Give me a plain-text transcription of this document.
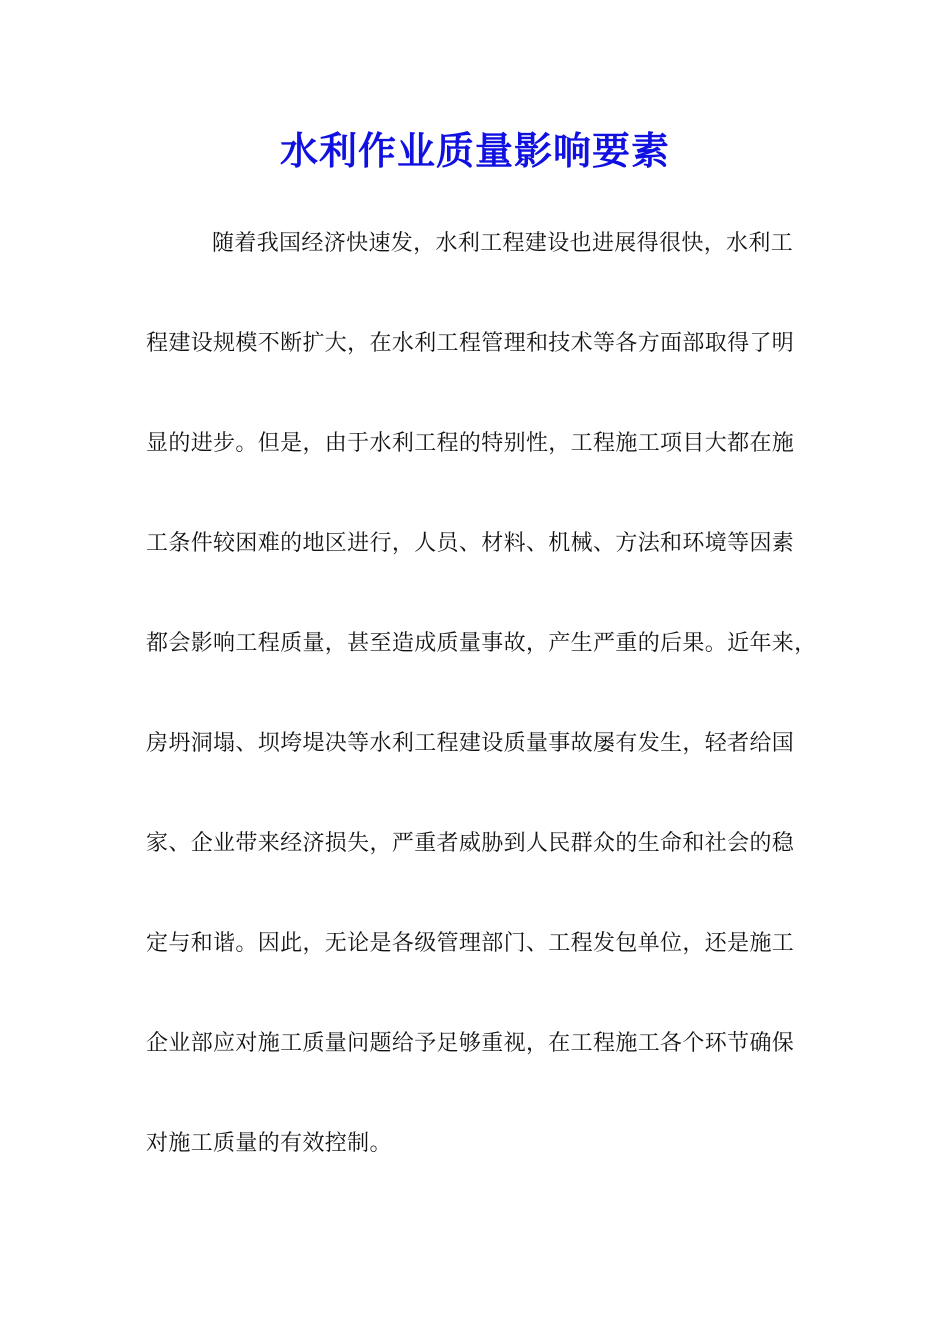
水利作业质量影响要素
随着我国经济快速发，水利工程建设也进展得很快，水利工
程建设规模不断扩大，在水利工程管理和技术等各方面部取得了明
显的进步。但是，由于水利工程的特别性，工程施工项目大都在施
工条件较困难的地区进行，人员、材料、机械、方法和环境等因素
都会影响工程质量，甚至造成质量事故，产生严重的后果。近年来，
房坍洞塌、坝垮堤决等水利工程建设质量事故屡有发生，轻者给国
家、企业带来经济损失，严重者威胁到人民群众的生命和社会的稳
定与和谐。因此，无论是各级管理部门、工程发包单位，还是施工
企业部应对施工质量问题给予足够重视，在工程施工各个环节确保
对施工质量的有效控制。
